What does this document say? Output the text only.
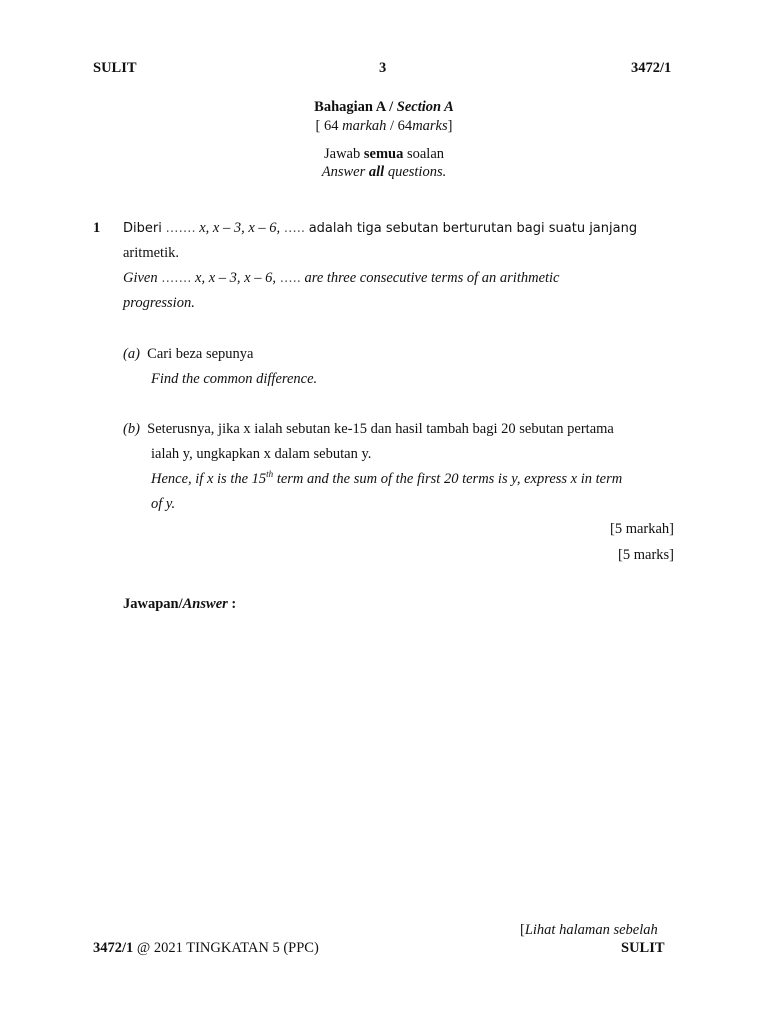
SULIT	3	3472/1
Bahagian A / Section A
[ 64 markah / 64marks]
Jawab semua soalan
Answer all questions.
1 Diberi ……. x, x – 3, x – 6, ….. adalah tiga sebutan berturutan bagi suatu janjang
aritmetik.
Given ……. x, x – 3, x – 6, ….. are three consecutive terms of an arithmetic
progression.
(a) Cari beza sepunya
Find the common difference.
(b) Seterusnya, jika x ialah sebutan ke-15 dan hasil tambah bagi 20 sebutan pertama
ialah y, ungkapkan x dalam sebutan y.
Hence, if x is the 15th term and the sum of the first 20 terms is y, express x in term
of y.
[5 markah]
[5 marks]
Jawapan/Answer :
[Lihat halaman sebelah
3472/1 @ 2021 TINGKATAN 5 (PPC)	SULIT
